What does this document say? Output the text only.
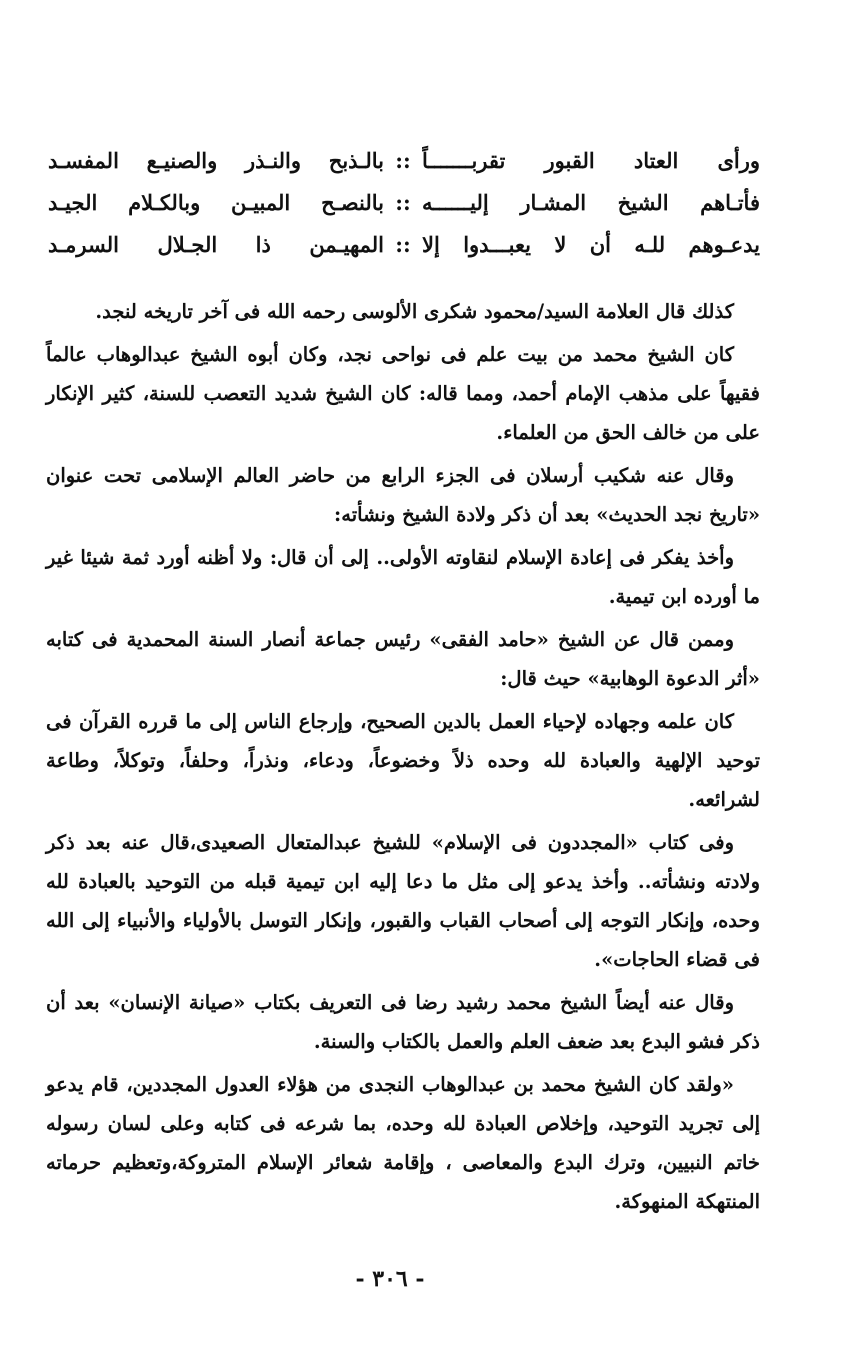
ورأى العتاد القبور تقربـــــــاً
::
بالـذبح والنـذر والصنيـع المفسـد
فأتـاهم الشيخ المشـار إليــــــه
::
بالنصـح المبيـن وبالكـلام الجيـد
يدعـوهم للـه أن لا يعبـــدوا إلا
::
المهيـمن ذا الجـلال السرمـد

كذلك قال العلامة السيد/محمود شكرى الألوسى رحمه الله فى آخر تاريخه لنجد.

كان الشيخ محمد من بيت علم فى نواحى نجد، وكان أبوه الشيخ عبدالوهاب عالماً فقيهاً على مذهب الإمام أحمد، ومما قاله: كان الشيخ شديد التعصب للسنة، كثير الإنكار على من خالف الحق من العلماء.

وقال عنه شكيب أرسلان فى الجزء الرابع من حاضر العالم الإسلامى تحت عنوان «تاريخ نجد الحديث» بعد أن ذكر ولادة الشيخ ونشأته:

وأخذ يفكر فى إعادة الإسلام لنقاوته الأولى.. إلى أن قال: ولا أظنه أورد ثمة شيئا غير ما أورده ابن تيمية.

وممن قال عن الشيخ «حامد الفقى» رئيس جماعة أنصار السنة المحمدية فى كتابه «أثر الدعوة الوهابية» حيث قال:

كان علمه وجهاده لإحياء العمل بالدين الصحيح، وإرجاع الناس إلى ما قرره القرآن فى توحيد الإلهية والعبادة لله وحده ذلاً وخضوعاً، ودعاء، ونذراً، وحلفاً، وتوكلاً، وطاعة لشرائعه.

وفى كتاب «المجددون فى الإسلام» للشيخ عبدالمتعال الصعيدى،قال عنه بعد ذكر ولادته ونشأته.. وأخذ يدعو إلى مثل ما دعا إليه ابن تيمية قبله من التوحيد بالعبادة لله وحده، وإنكار التوجه إلى أصحاب القباب والقبور، وإنكار التوسل بالأولياء والأنبياء إلى الله فى قضاء الحاجات».

وقال عنه أيضاً الشيخ محمد رشيد رضا فى التعريف بكتاب «صيانة الإنسان» بعد أن ذكر فشو البدع بعد ضعف العلم والعمل بالكتاب والسنة.

«ولقد كان الشيخ محمد بن عبدالوهاب النجدى من هؤلاء العدول المجددين، قام يدعو إلى تجريد التوحيد، وإخلاص العبادة لله وحده، بما شرعه فى كتابه وعلى لسان رسوله خاتم النبيين، وترك البدع والمعاصى ، وإقامة شعائر الإسلام المتروكة،وتعظيم حرماته المنتهكة المنهوكة.

- ٣٠٦ -
